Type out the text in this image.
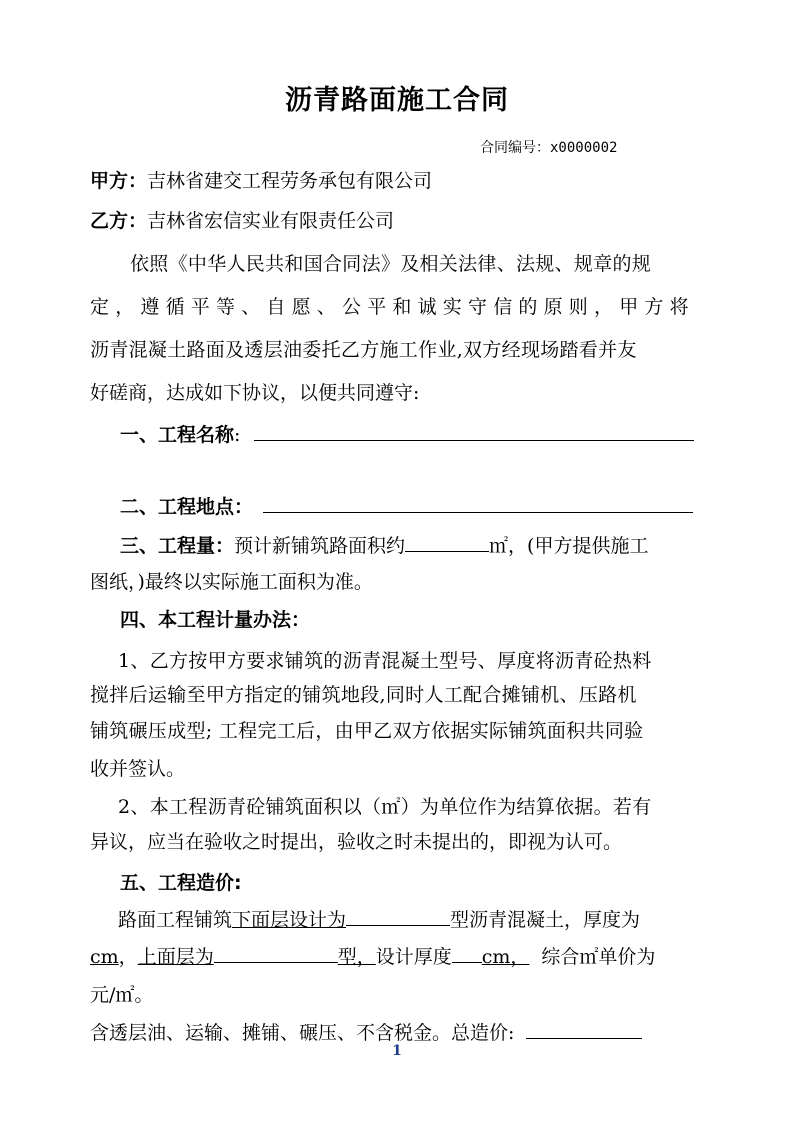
沥青路面施工合同
合同编号：x0000002
甲方：吉林省建交工程劳务承包有限公司
乙方：吉林省宏信实业有限责任公司
依照《中华人民共和国合同法》及相关法律、法规、规章的规
定，遵循平等、自愿、公平和诚实守信的原则，甲方将
沥青混凝土路面及透层油委托乙方施工作业,双方经现场踏看并友
好磋商，达成如下协议，以便共同遵守:
一、工程名称:
二、工程地点：
三、工程量：预计新铺筑路面积约	㎡，(甲方提供施工
图纸，)最终以实际施工面积为准。
四、本工程计量办法：
1、乙方按甲方要求铺筑的沥青混凝土型号、厚度将沥青砼热料
搅拌后运输至甲方指定的铺筑地段,同时人工配合摊铺机、压路机
铺筑碾压成型; 工程完工后，由甲乙双方依据实际铺筑面积共同验
收并签认。
2、本工程沥青砼铺筑面积以（㎡）为单位作为结算依据。若有
异议，应当在验收之时提出，验收之时未提出的，即视为认可。
五、工程造价:
路面工程铺筑下面层设计为	型沥青混凝土，厚度为
cm，上面层为	型，设计厚度 cm， 综合㎡单价为
元/㎡。
含透层油、运输、摊铺、碾压、不含税金。总造价:
1
